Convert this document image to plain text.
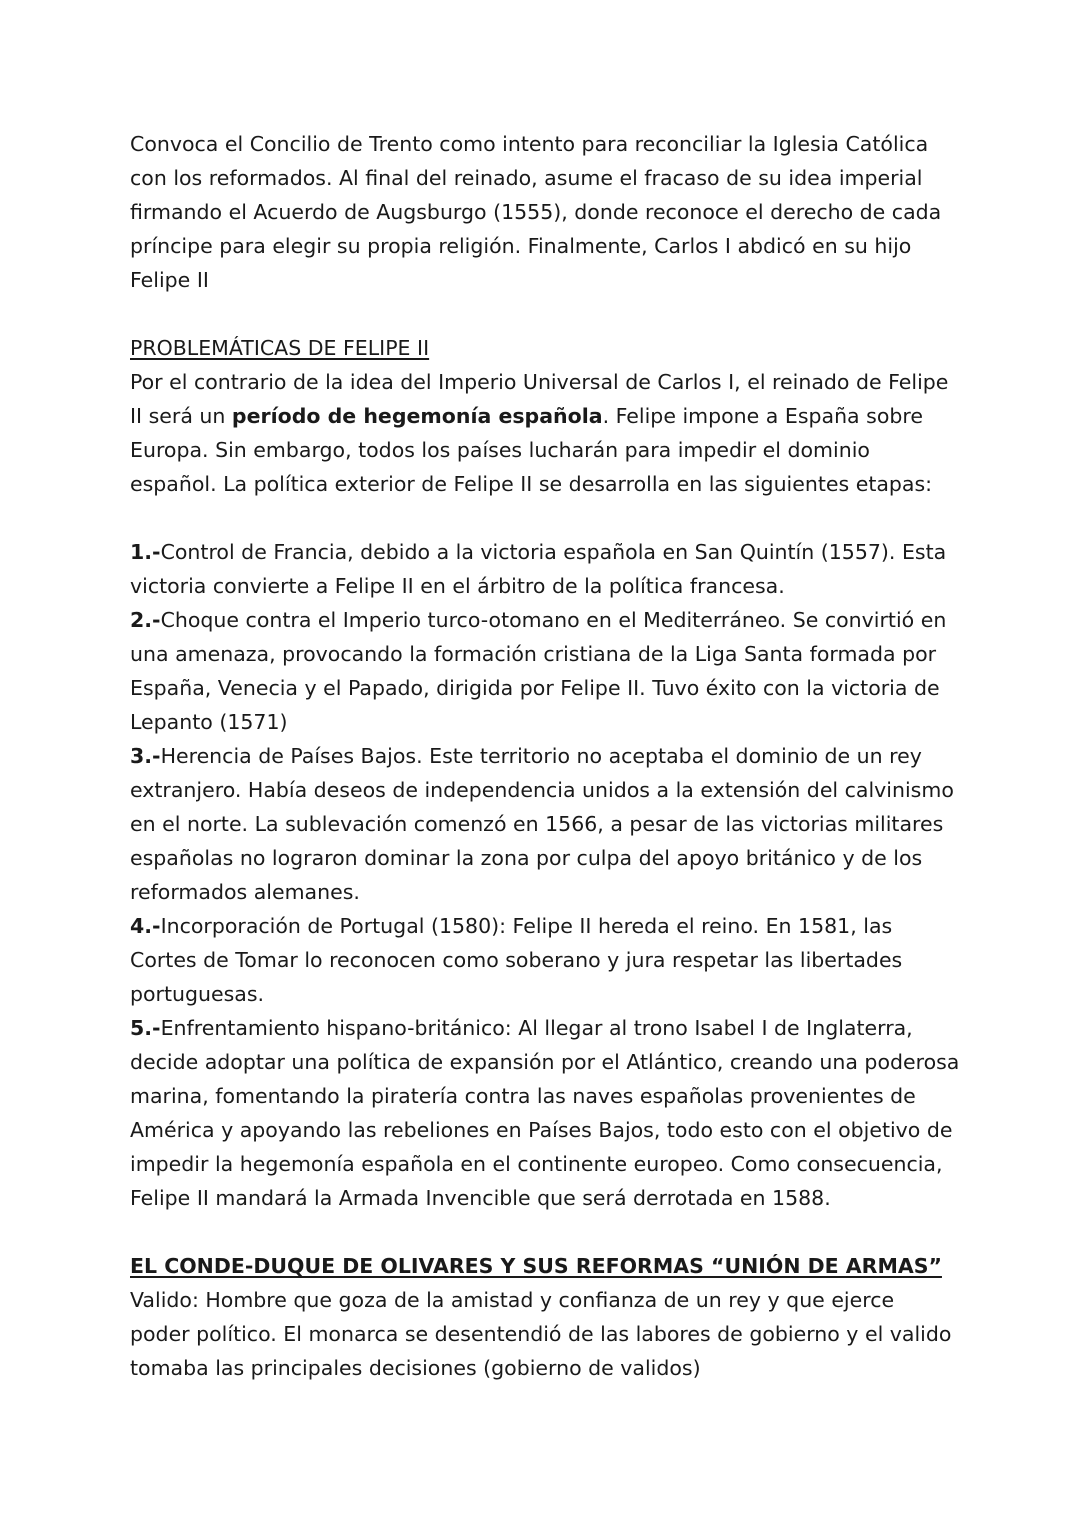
Convoca el Concilio de Trento como intento para reconciliar la Iglesia Católica con los reformados. Al final del reinado, asume el fracaso de su idea imperial firmando el Acuerdo de Augsburgo (1555), donde reconoce el derecho de cada príncipe para elegir su propia religión. Finalmente, Carlos I abdicó en su hijo Felipe II

PROBLEMÁTICAS DE FELIPE II

Por el contrario de la idea del Imperio Universal de Carlos I, el reinado de Felipe II será un período de hegemonía española. Felipe impone a España sobre Europa. Sin embargo, todos los países lucharán para impedir el dominio español. La política exterior de Felipe II se desarrolla en las siguientes etapas:

1.-Control de Francia, debido a la victoria española en San Quintín (1557). Esta victoria convierte a Felipe II en el árbitro de la política francesa.

2.-Choque contra el Imperio turco-otomano en el Mediterráneo. Se convirtió en una amenaza, provocando la formación cristiana de la Liga Santa formada por España, Venecia y el Papado, dirigida por Felipe II. Tuvo éxito con la victoria de Lepanto (1571)

3.-Herencia de Países Bajos. Este territorio no aceptaba el dominio de un rey extranjero. Había deseos de independencia unidos a la extensión del calvinismo en el norte. La sublevación comenzó en 1566, a pesar de las victorias militares españolas no lograron dominar la zona por culpa del apoyo británico y de los reformados alemanes.

4.-Incorporación de Portugal (1580): Felipe II hereda el reino. En 1581, las Cortes de Tomar lo reconocen como soberano y jura respetar las libertades portuguesas.

5.-Enfrentamiento hispano-británico: Al llegar al trono Isabel I de Inglaterra, decide adoptar una política de expansión por el Atlántico, creando una poderosa marina, fomentando la piratería contra las naves españolas provenientes de América y apoyando las rebeliones en Países Bajos, todo esto con el objetivo de impedir la hegemonía española en el continente europeo. Como consecuencia, Felipe II mandará la Armada Invencible que será derrotada en 1588.

EL CONDE-DUQUE DE OLIVARES Y SUS REFORMAS “UNIÓN DE ARMAS”

Valido: Hombre que goza de la amistad y confianza de un rey y que ejerce poder político. El monarca se desentendió de las labores de gobierno y el valido tomaba las principales decisiones (gobierno de validos)
